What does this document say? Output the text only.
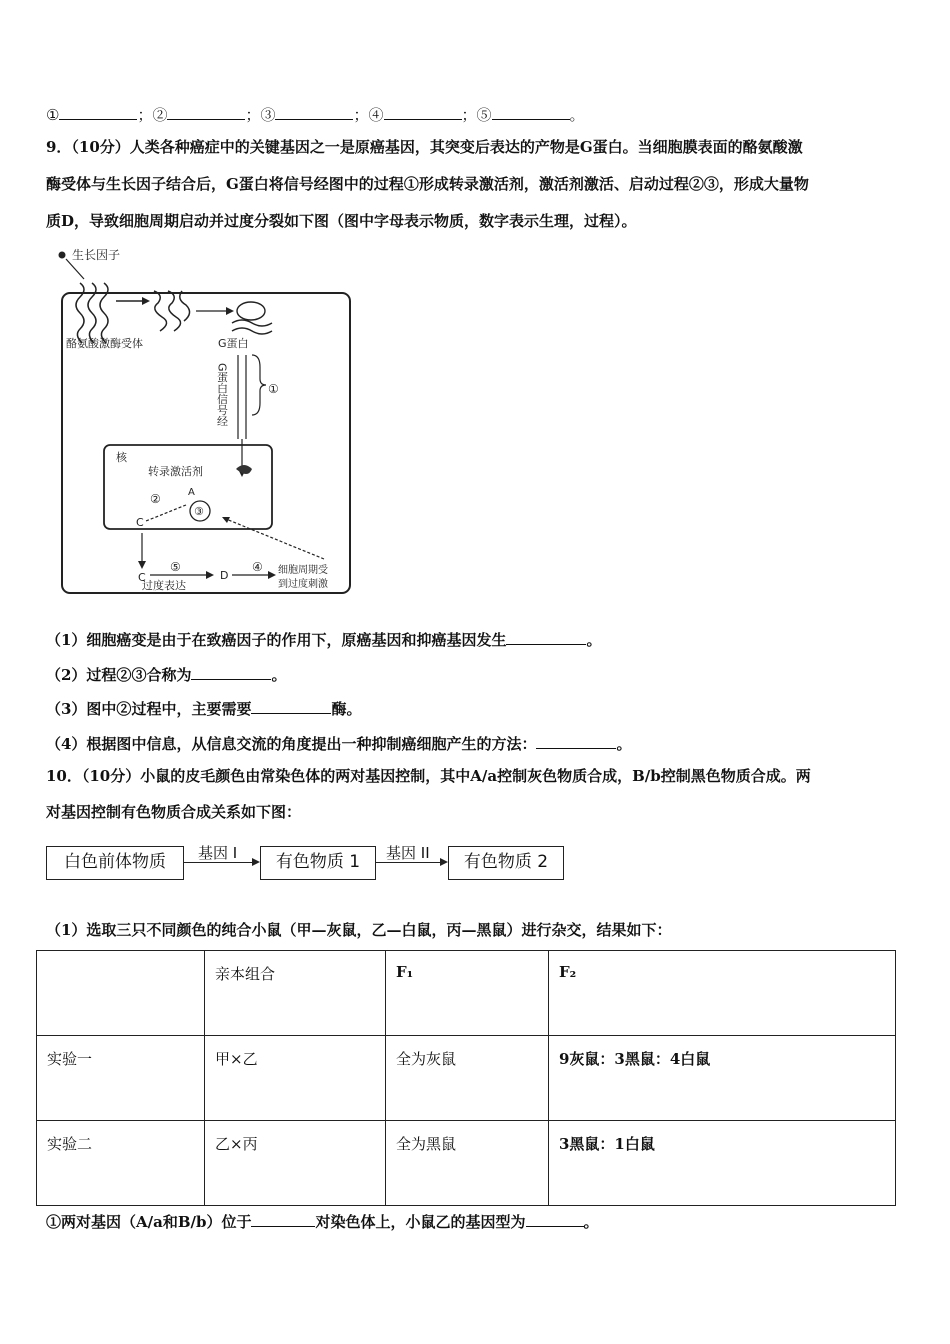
①	；②	；③	；④	；⑤	。
9．（10分）人类各种癌症中的关键基因之一是原癌基因，其突变后表达的产物是G蛋白。当细胞膜表面的酪氨酸激
酶受体与生长因子结合后，G蛋白将信号经图中的过程①形成转录激活剂，激活剂激活、启动过程②③，形成大量物
质D，导致细胞周期启动并过度分裂如下图（图中字母表示物质，数字表示生理，过程）。
生长因子
酪氨酸激酶受体	G蛋白
G蛋白信号经	①
核
转录激活剂
②	A
③
C
C
⑤
过度表达
D
④ 细胞周期受
到过度刺激
（1）细胞癌变是由于在致癌因子的作用下，原癌基因和抑癌基因发生	。
（2）过程②③合称为	。
（3）图中②过程中，主要需要	酶。
（4）根据图中信息，从信息交流的角度提出一种抑制癌细胞产生的方法：	。
10．（10分）小鼠的皮毛颜色由常染色体的两对基因控制，其中A/a控制灰色物质合成，B/b控制黑色物质合成。两
对基因控制有色物质合成关系如下图：
白色前体物质	基因 I	有色物质 1	基因 II	有色物质 2
（1）选取三只不同颜色的纯合小鼠（甲—灰鼠，乙—白鼠，丙—黑鼠）进行杂交，结果如下：
	亲本组合	F₁	F₂
实验一	甲×乙	全为灰鼠	9灰鼠：3黑鼠：4白鼠
实验二	乙×丙	全为黑鼠	3黑鼠：1白鼠
①两对基因（A/a和B/b）位于	对染色体上，小鼠乙的基因型为	。
